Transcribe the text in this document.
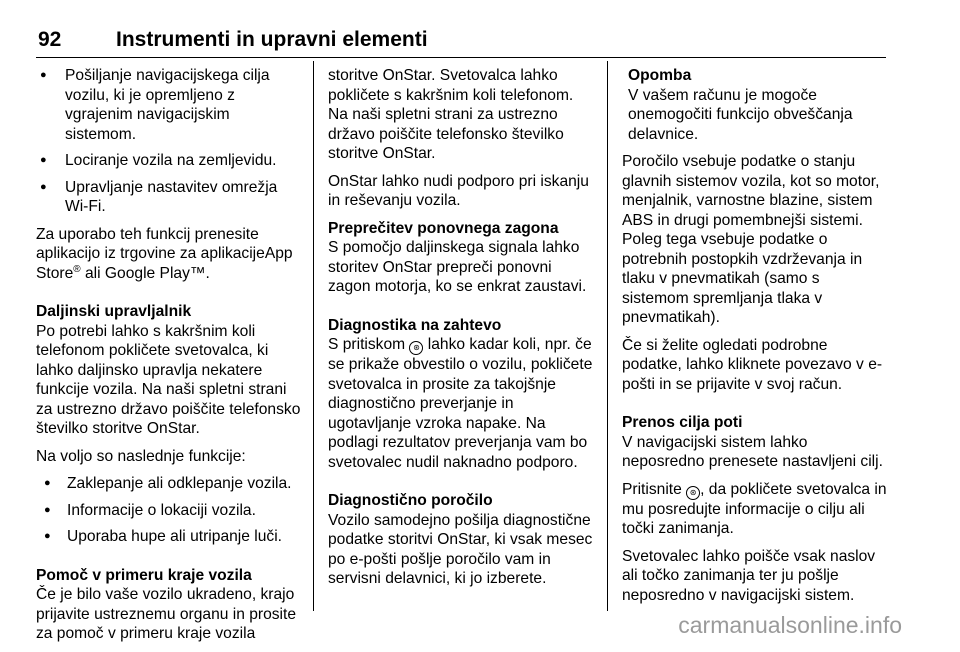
92	Instrumenti in upravni elementi
● Pošiljanje navigacijskega cilja vozilu, ki je opremljeno z vgrajenim navigacijskim sistemom.
● Lociranje vozila na zemljevidu.
● Upravljanje nastavitev omrežja Wi-Fi.

Za uporabo teh funkcij prenesite aplikacijo iz trgovine za aplikacijeApp Store® ali Google Play™.

Daljinski upravljalnik

Po potrebi lahko s kakršnim koli telefonom pokličete svetovalca, ki lahko daljinsko upravlja nekatere funkcije vozila. Na naši spletni strani za ustrezno državo poiščite telefonsko številko storitve OnStar.

Na voljo so naslednje funkcije:

● Zaklepanje ali odklepanje vozila.
● Informacije o lokaciji vozila.
● Uporaba hupe ali utripanje luči.
Pomoč v primeru kraje vozila

Če je bilo vaše vozilo ukradeno, krajo prijavite ustreznemu organu in prosite za pomoč v primeru kraje vozila

storitve OnStar. Svetovalca lahko pokličete s kakršnim koli telefonom. Na naši spletni strani za ustrezno državo poiščite telefonsko številko storitve OnStar.

OnStar lahko nudi podporo pri iskanju in reševanju vozila.

Preprečitev ponovnega zagona

S pomočjo daljinskega signala lahko storitev OnStar prepreči ponovni zagon motorja, ko se enkrat zaustavi.

Diagnostika na zahtevo

S pritiskom ⊛ lahko kadar koli, npr. če se prikaže obvestilo o vozilu, pokličete svetovalca in prosite za takojšnje diagnostično preverjanje in ugotavljanje vzroka napake. Na podlagi rezultatov preverjanja vam bo svetovalec nudil naknadno podporo.

Diagnostično poročilo

Vozilo samodejno pošilja diagnostične podatke storitvi OnStar, ki vsak mesec po e-pošti pošlje poročilo vam in servisni delavnici, ki jo izberete.

Opomba
V vašem računu je mogoče onemogočiti funkcijo obveščanja delavnice.

Poročilo vsebuje podatke o stanju glavnih sistemov vozila, kot so motor, menjalnik, varnostne blazine, sistem ABS in drugi pomembnejši sistemi. Poleg tega vsebuje podatke o potrebnih postopkih vzdrževanja in tlaku v pnevmatikah (samo s sistemom spremljanja tlaka v pnevmatikah).

Če si želite ogledati podrobne podatke, lahko kliknete povezavo v e-pošti in se prijavite v svoj račun.

Prenos cilja poti

V navigacijski sistem lahko neposredno prenesete nastavljeni cilj.

Pritisnite ⊛ , da pokličete svetovalca in mu posredujte informacije o cilju ali točki zanimanja.

Svetovalec lahko poišče vsak naslov ali točko zanimanja ter ju pošlje neposredno v navigacijski sistem.

carmanualsonline.info
